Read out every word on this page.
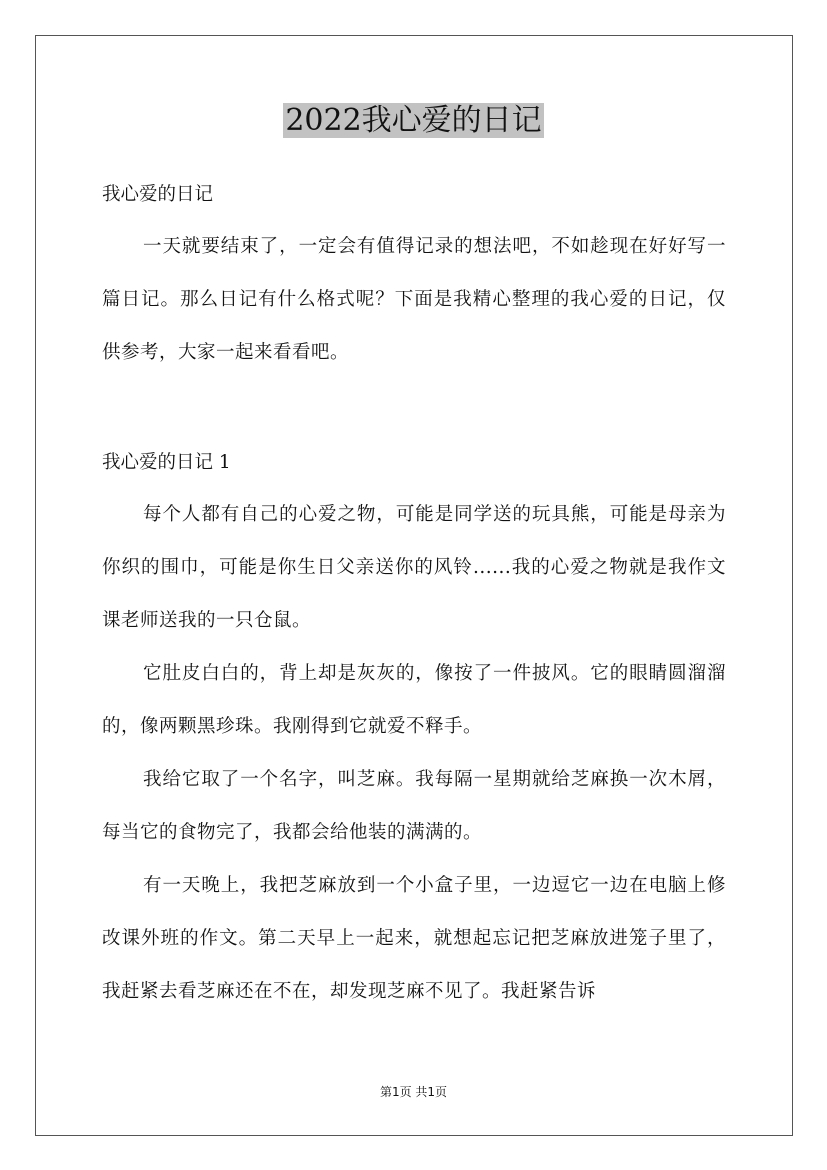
2022我心爱的日记

我心爱的日记

一天就要结束了，一定会有值得记录的想法吧，不如趁现在好好写一篇日记。那么日记有什么格式呢？下面是我精心整理的我心爱的日记，仅供参考，大家一起来看看吧。

我心爱的日记 1

每个人都有自己的心爱之物，可能是同学送的玩具熊，可能是母亲为你织的围巾，可能是你生日父亲送你的风铃......我的心爱之物就是我作文课老师送我的一只仓鼠。

它肚皮白白的，背上却是灰灰的，像按了一件披风。它的眼睛圆溜溜的，像两颗黑珍珠。我刚得到它就爱不释手。

我给它取了一个名字，叫芝麻。我每隔一星期就给芝麻换一次木屑，每当它的食物完了，我都会给他装的满满的。

有一天晚上，我把芝麻放到一个小盒子里，一边逗它一边在电脑上修改课外班的作文。第二天早上一起来，就想起忘记把芝麻放进笼子里了，我赶紧去看芝麻还在不在，却发现芝麻不见了。我赶紧告诉

第1页 共1页
